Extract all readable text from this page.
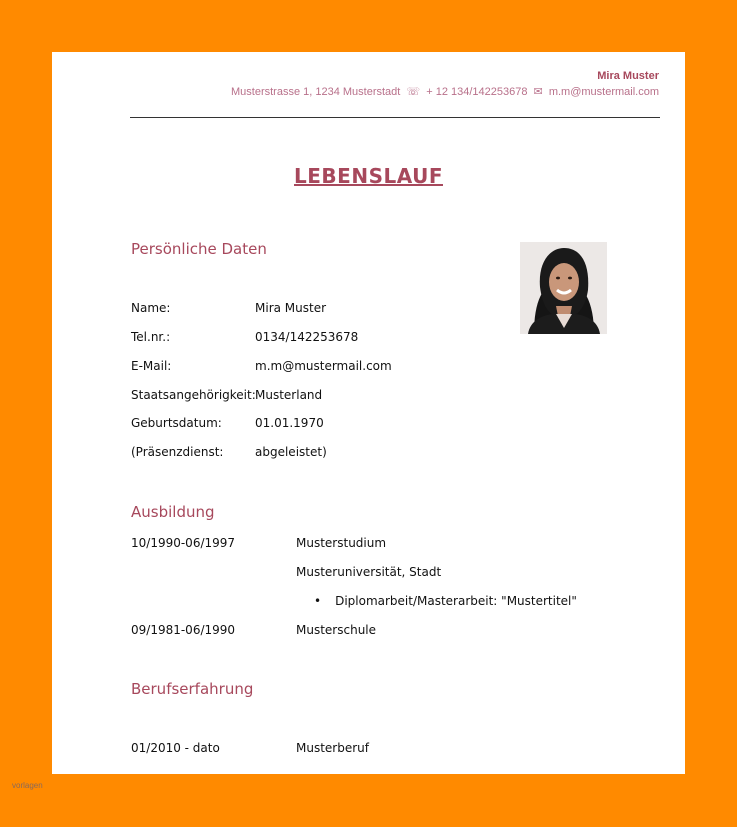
Mira Muster
Musterstrasse 1, 1234 Musterstadt ☏ + 12 134/142253678 ✉ m.m@mustermail.com
LEBENSLAUF
Persönliche Daten
Name:	Mira Muster
Tel.nr.:	0134/142253678
E-Mail:	m.m@mustermail.com
Staatsangehörigkeit: Musterland
Geburtsdatum:	01.01.1970
(Präsenzdienst:	abgeleistet)
Ausbildung
10/1990-06/1997	Musterstudium
Musteruniversität, Stadt
• Diplomarbeit/Masterarbeit: "Mustertitel"
09/1981-06/1990	Musterschule
Berufserfahrung
01/2010 - dato	Musterberuf
vorlagen
